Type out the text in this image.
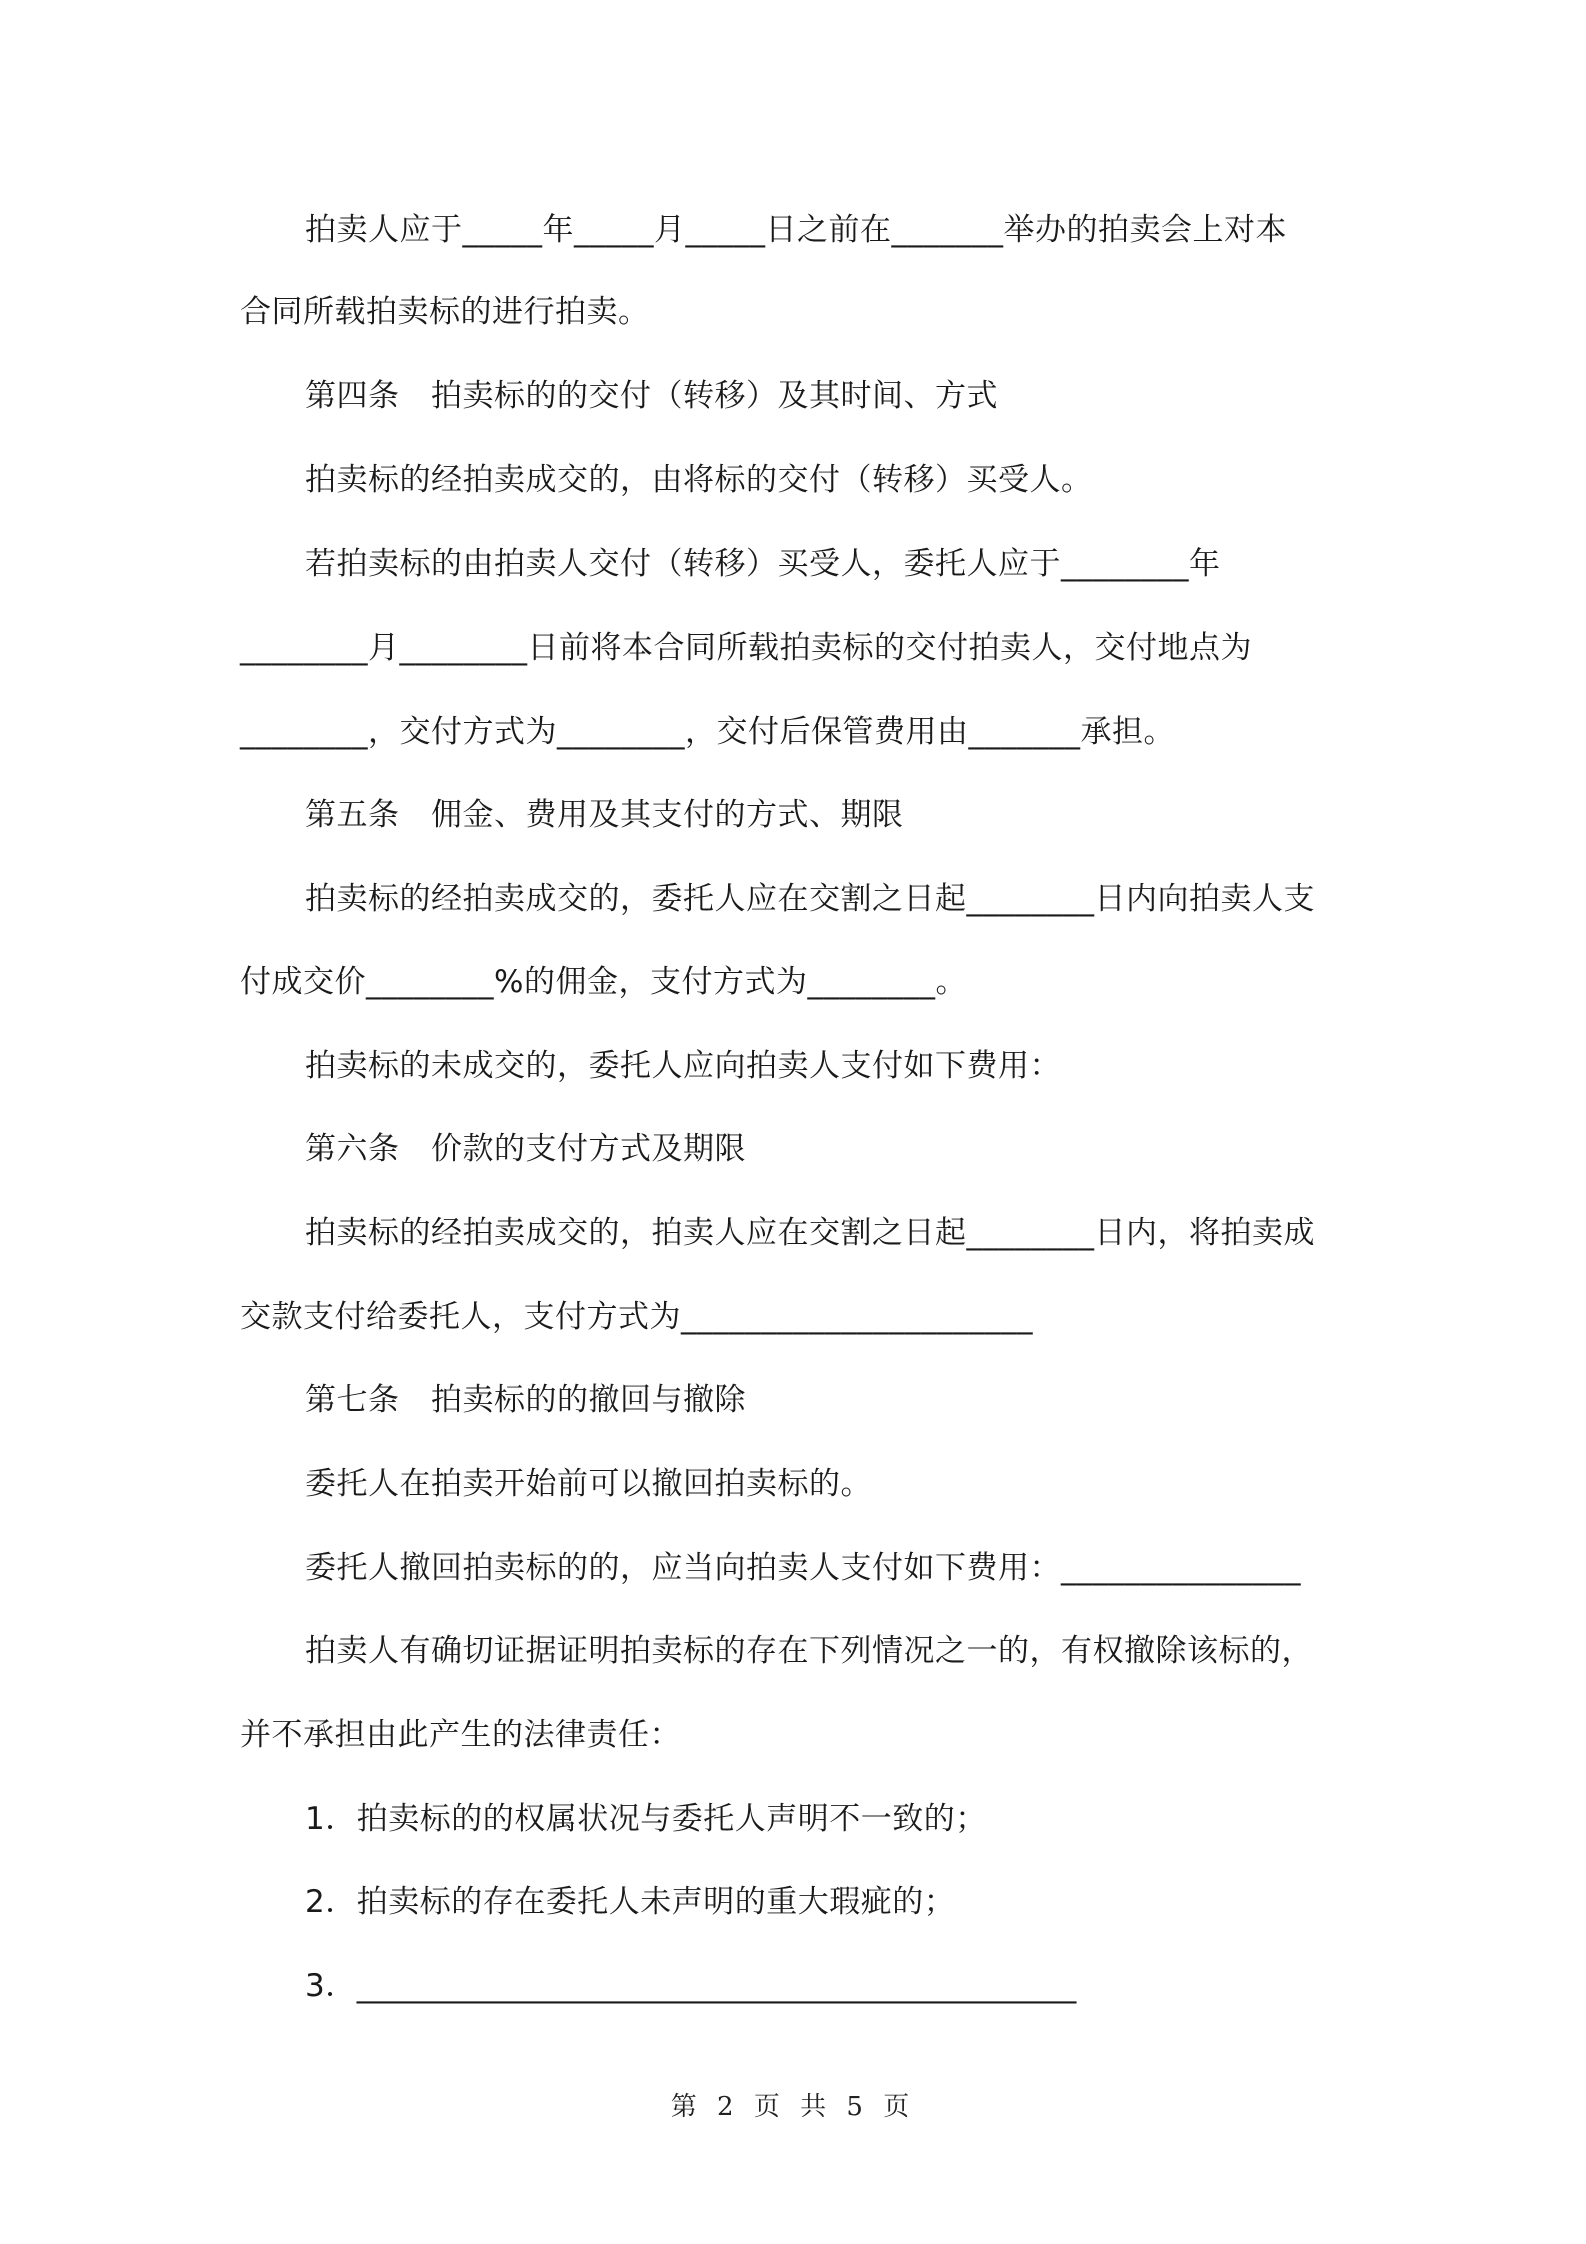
拍卖人应于_____年_____月_____日之前在_______举办的拍卖会上对本
合同所载拍卖标的进行拍卖。
第四条　拍卖标的的交付（转移）及其时间、方式
拍卖标的经拍卖成交的，由将标的交付（转移）买受人。
若拍卖标的由拍卖人交付（转移）买受人，委托人应于________年
________月________日前将本合同所载拍卖标的交付拍卖人，交付地点为
________，交付方式为________，交付后保管费用由_______承担。
第五条　佣金、费用及其支付的方式、期限
拍卖标的经拍卖成交的，委托人应在交割之日起________日内向拍卖人支
付成交价________%的佣金，支付方式为________。
拍卖标的未成交的，委托人应向拍卖人支付如下费用：
第六条　价款的支付方式及期限
拍卖标的经拍卖成交的，拍卖人应在交割之日起________日内，将拍卖成
交款支付给委托人，支付方式为______________________
第七条　拍卖标的的撤回与撤除
委托人在拍卖开始前可以撤回拍卖标的。
委托人撤回拍卖标的的，应当向拍卖人支付如下费用：_______________
拍卖人有确切证据证明拍卖标的存在下列情况之一的，有权撤除该标的，
并不承担由此产生的法律责任：
1．拍卖标的的权属状况与委托人声明不一致的；
2．拍卖标的存在委托人未声明的重大瑕疵的；
3．_____________________________________________
第 2 页 共 5 页
